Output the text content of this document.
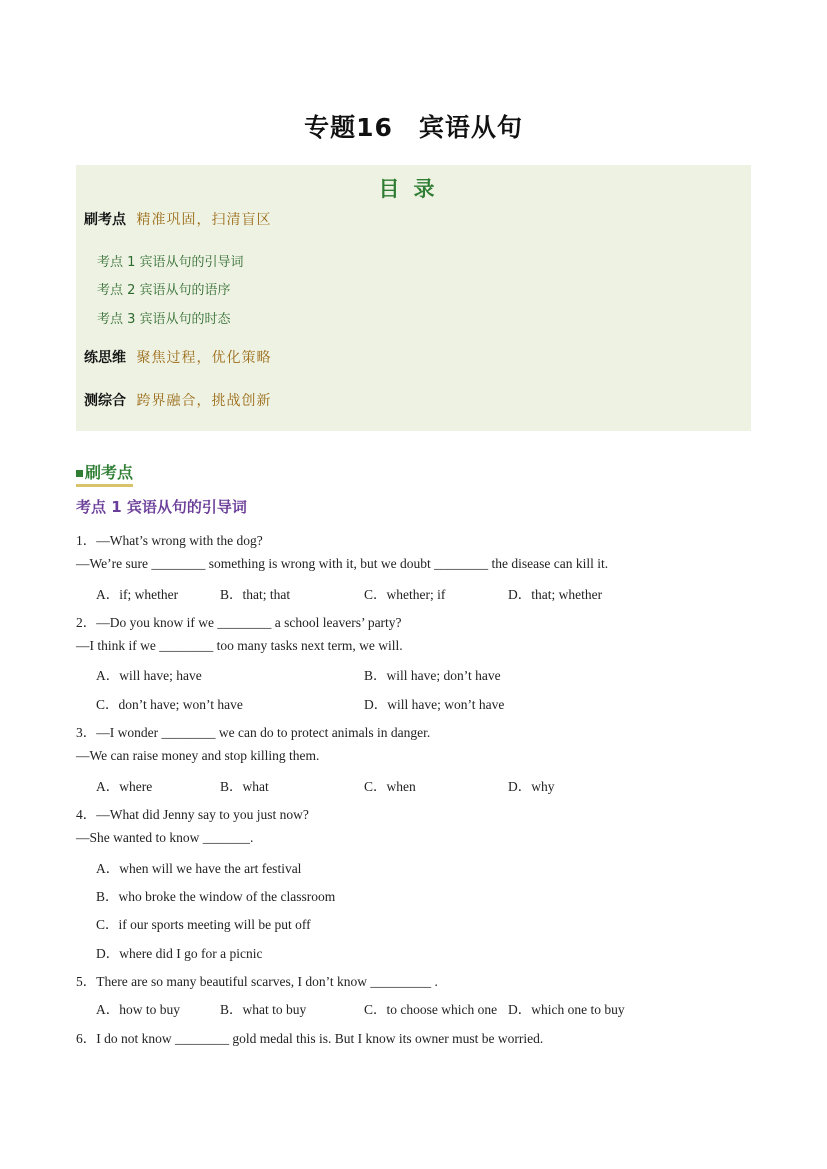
专题16　宾语从句
目录
刷考点 精准巩固，扫清盲区
考点 1 宾语从句的引导词
考点 2 宾语从句的语序
考点 3 宾语从句的时态
练思维 聚焦过程，优化策略
测综合 跨界融合，挑战创新
刷考点
考点 1 宾语从句的引导词
1．—What’s wrong with the dog?
—We’re sure ________ something is wrong with it, but we doubt ________ the disease can kill it.
A．if; whether	B．that; that	C．whether; if	D．that; whether
2．—Do you know if we ________ a school leavers’ party?
—I think if we ________ too many tasks next term, we will.
A．will have; have	B．will have; don’t have
C．don’t have; won’t have	D．will have; won’t have
3．—I wonder ________ we can do to protect animals in danger.
—We can raise money and stop killing them.
A．where	B．what	C．when	D．why
4．—What did Jenny say to you just now?
—She wanted to know _______.
A．when will we have the art festival
B．who broke the window of the classroom
C．if our sports meeting will be put off
D．where did I go for a picnic
5．There are so many beautiful scarves, I don’t know _________ .
A．how to buy	B．what to buy	C．to choose which one D．which one to buy
6．I do not know ________ gold medal this is. But I know its owner must be worried.
